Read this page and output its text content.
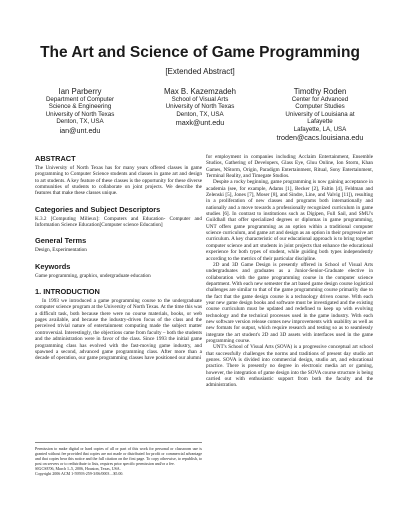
The Art and Science of Game Programming
[Extended Abstract]
Ian Parberry
Department of Computer
Science & Engineering
University of North Texas
Denton, TX, USA
ian@unt.edu
Max B. Kazemzadeh
School of Visual Arts
University of North Texas
Denton, TX, USA
maxk@unt.edu
Timothy Roden
Center for Advanced
Computer Studies
University of Louisiana at
Lafayette
Lafayette, LA, USA
troden@cacs.louisiana.edu
ABSTRACT

The University of North Texas has for many years offered classes in game programming to Computer Science students and classes in game art and design to art students. A key feature of these classes is the opportunity for these diverse communities of students to collaborate on joint projects. We describe the features that make these classes unique.

Categories and Subject Descriptors

K.3.2 [Computing Milieux]: Computers and Education- Computer and Information Science Education[Computer science Education]

General Terms

Design, Experimentation

Keywords

Game programming, graphics, undergraduate education

1. INTRODUCTION

In 1993 we introduced a game programming course to the undergraduate computer science program at the University of North Texas. At the time this was a difficult task, both because there were no course materials, books, or web pages available, and because the industry-driven focus of the class and the perceived trivial nature of entertainment computing made the subject matter controversial. Interestingly, the objections came from faculty – both the students and the administration were in favor of the class. Since 1993 the initial game programming class has evolved with the fast-moving game industry, and spawned a second, advanced game programming class. After more than a decade of operation, our game programming classes have positioned our alumni

Permission to make digital or hard copies of all or part of this work for personal or classroom use is granted without fee provided that copies are not made or distributed for profit or commercial advantage and that copies bear this notice and the full citation on the first page. To copy otherwise, to republish, to post on servers or to redistribute to lists, requires prior specific permission and/or a fee.
SIGCSE'06, March 1–5, 2006, Houston, Texas, USA.
Copyright 2006 ACM 1-59593-259-3/06/0003 ...$5.00.

for employment in companies including Acclaim Entertainment, Ensemble Studios, Gathering of Developers, Glass Eye, Gluu Online, Ion Storm, Khan Games, NStorm, Origin, Paradigm Entertainment, Ritual, Sony Entertainment, Terminal Reality, and Timegate Studios.

Despite a rocky beginning, game programming is now gaining acceptance in academia (see, for example, Adams [1], Becker [2], Faltin [4], Feldman and Zelenski [5], Jones [7], Moser [8], and Sindre, Line, and Valvig [11]), resulting in a proliferation of new classes and programs both internationally and nationally and a move towards a professionally recognized curriculum in game studies [6]. In contrast to institutions such as Digipen, Full Sail, and SMU's Guildhall that offer specialized degrees or diplomas in game programming, UNT offers game programming as an option within a traditional computer science curriculum, and game art and design as an option in their progressive art curriculum. A key characteristic of our educational approach is to bring together computer science and art students in joint projects that enhance the educational experience for both types of student, while guiding both types independently according to the metrics of their particular discipline.

2D and 3D Game Design is presently offered in School of Visual Arts undergraduates and graduates as a Junior-Senior-Graduate elective in collaboration with the game programming course in the computer science department. With each new semester the art based game design course logistical challenges are similar to that of the game programming course primarily due to the fact that the game design course is a technology driven course. With each year new game design books and software must be investigated and the existing course curriculum must be updated and redefined to keep up with evolving technology and the technical processes used in the game industry. With each new software version release comes new improvements with usability as well as new formats for output, which require research and testing so as to seamlessly integrate the art student's 2D and 3D assets with interfaces used in the game programming course.

UNT's School of Visual Arts (SOVA) is a progressive conceptual art school that successfully challenges the norms and traditions of present day studio art genres. SOVA is divided into commercial design, studio art, and educational practice. There is presently no degree in electronic media art or gaming, however, the integration of game design into the SOVA course structure is being carried out with enthusiastic support from both the faculty and the administration.
